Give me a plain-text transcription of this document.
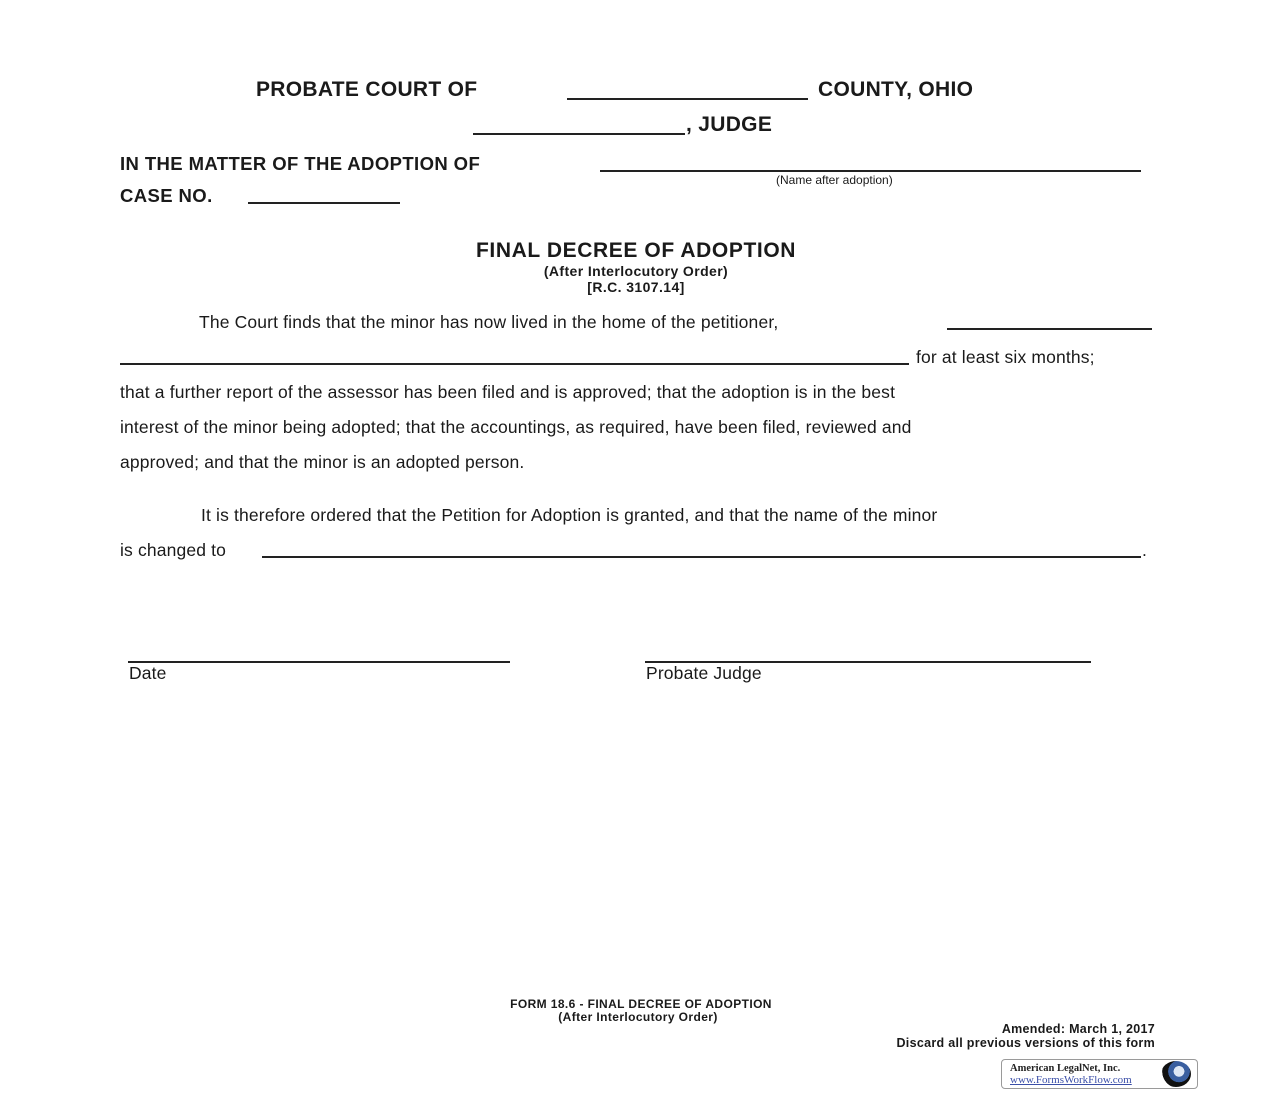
PROBATE COURT OF	COUNTY, OHIO
, JUDGE
IN THE MATTER OF THE ADOPTION OF
(Name after adoption)
CASE NO.
FINAL DECREE OF ADOPTION
(After Interlocutory Order)
[R.C. 3107.14]
The Court finds that the minor has now lived in the home of the petitioner,
for at least six months;
that a further report of the assessor has been filed and is approved; that the adoption is in the best
interest of the minor being adopted; that the accountings, as required, have been filed, reviewed and
approved; and that the minor is an adopted person.
It is therefore ordered that the Petition for Adoption is granted, and that the name of the minor
is changed to	.
Date	Probate Judge
FORM 18.6 - FINAL DECREE OF ADOPTION
(After Interlocutory Order)
Amended: March 1, 2017
Discard all previous versions of this form
American LegalNet, Inc.
www.FormsWorkFlow.com
